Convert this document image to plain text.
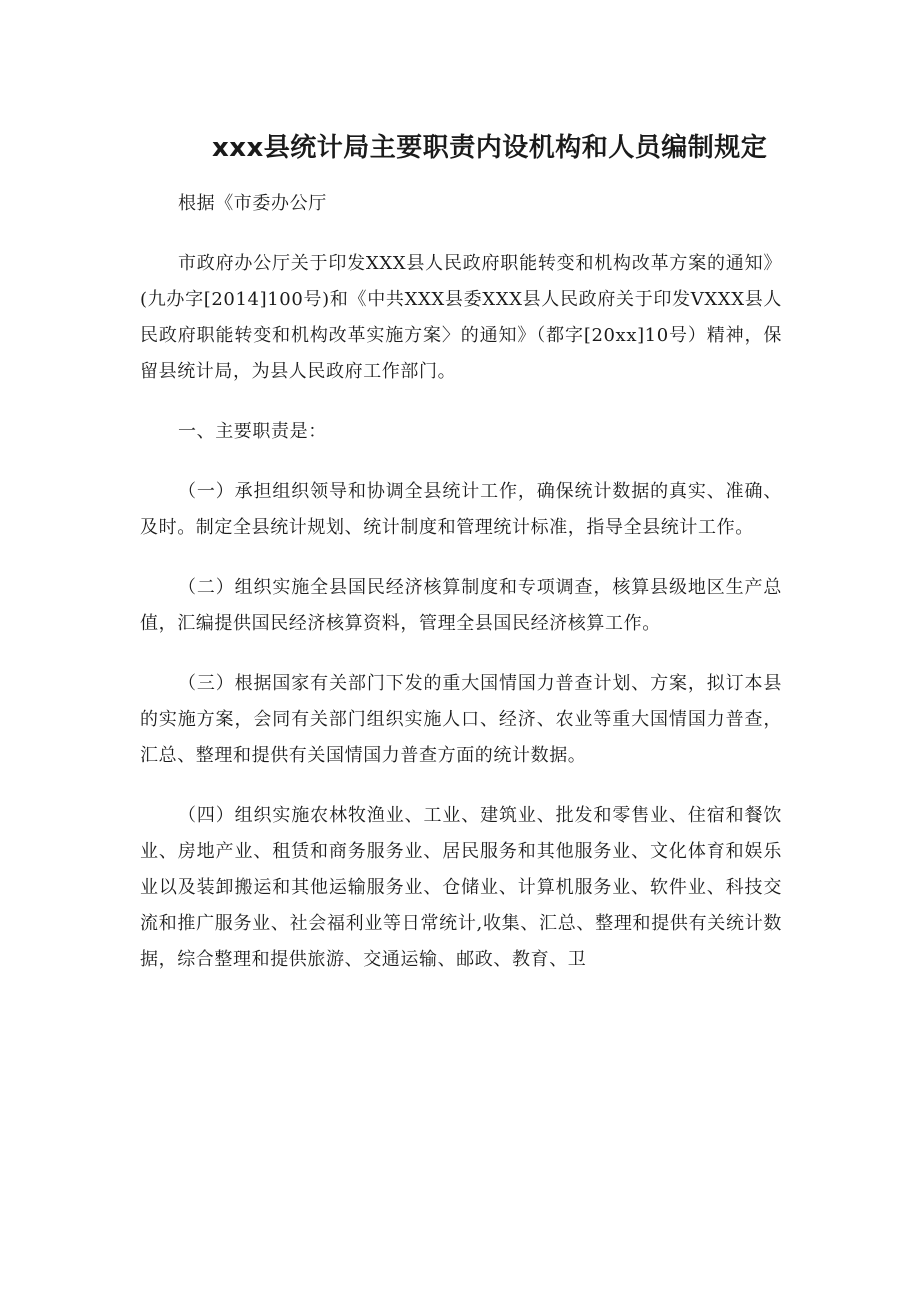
xxx县统计局主要职责内设机构和人员编制规定

根据《市委办公厅

市政府办公厅关于印发XXX县人民政府职能转变和机构改革方案的通知》(九办字[2014]100号)和《中共XXX县委XXX县人民政府关于印发VXXX县人民政府职能转变和机构改革实施方案〉的通知》（都字[20xx]10号）精神，保留县统计局，为县人民政府工作部门。

一、主要职责是：

（一）承担组织领导和协调全县统计工作，确保统计数据的真实、准确、及时。制定全县统计规划、统计制度和管理统计标准，指导全县统计工作。

（二）组织实施全县国民经济核算制度和专项调查，核算县级地区生产总值，汇编提供国民经济核算资料，管理全县国民经济核算工作。

（三）根据国家有关部门下发的重大国情国力普查计划、方案，拟订本县的实施方案，会同有关部门组织实施人口、经济、农业等重大国情国力普查，汇总、整理和提供有关国情国力普查方面的统计数据。

（四）组织实施农林牧渔业、工业、建筑业、批发和零售业、住宿和餐饮业、房地产业、租赁和商务服务业、居民服务和其他服务业、文化体育和娱乐业以及装卸搬运和其他运输服务业、仓储业、计算机服务业、软件业、科技交流和推广服务业、社会福利业等日常统计,收集、汇总、整理和提供有关统计数据，综合整理和提供旅游、交通运输、邮政、教育、卫
